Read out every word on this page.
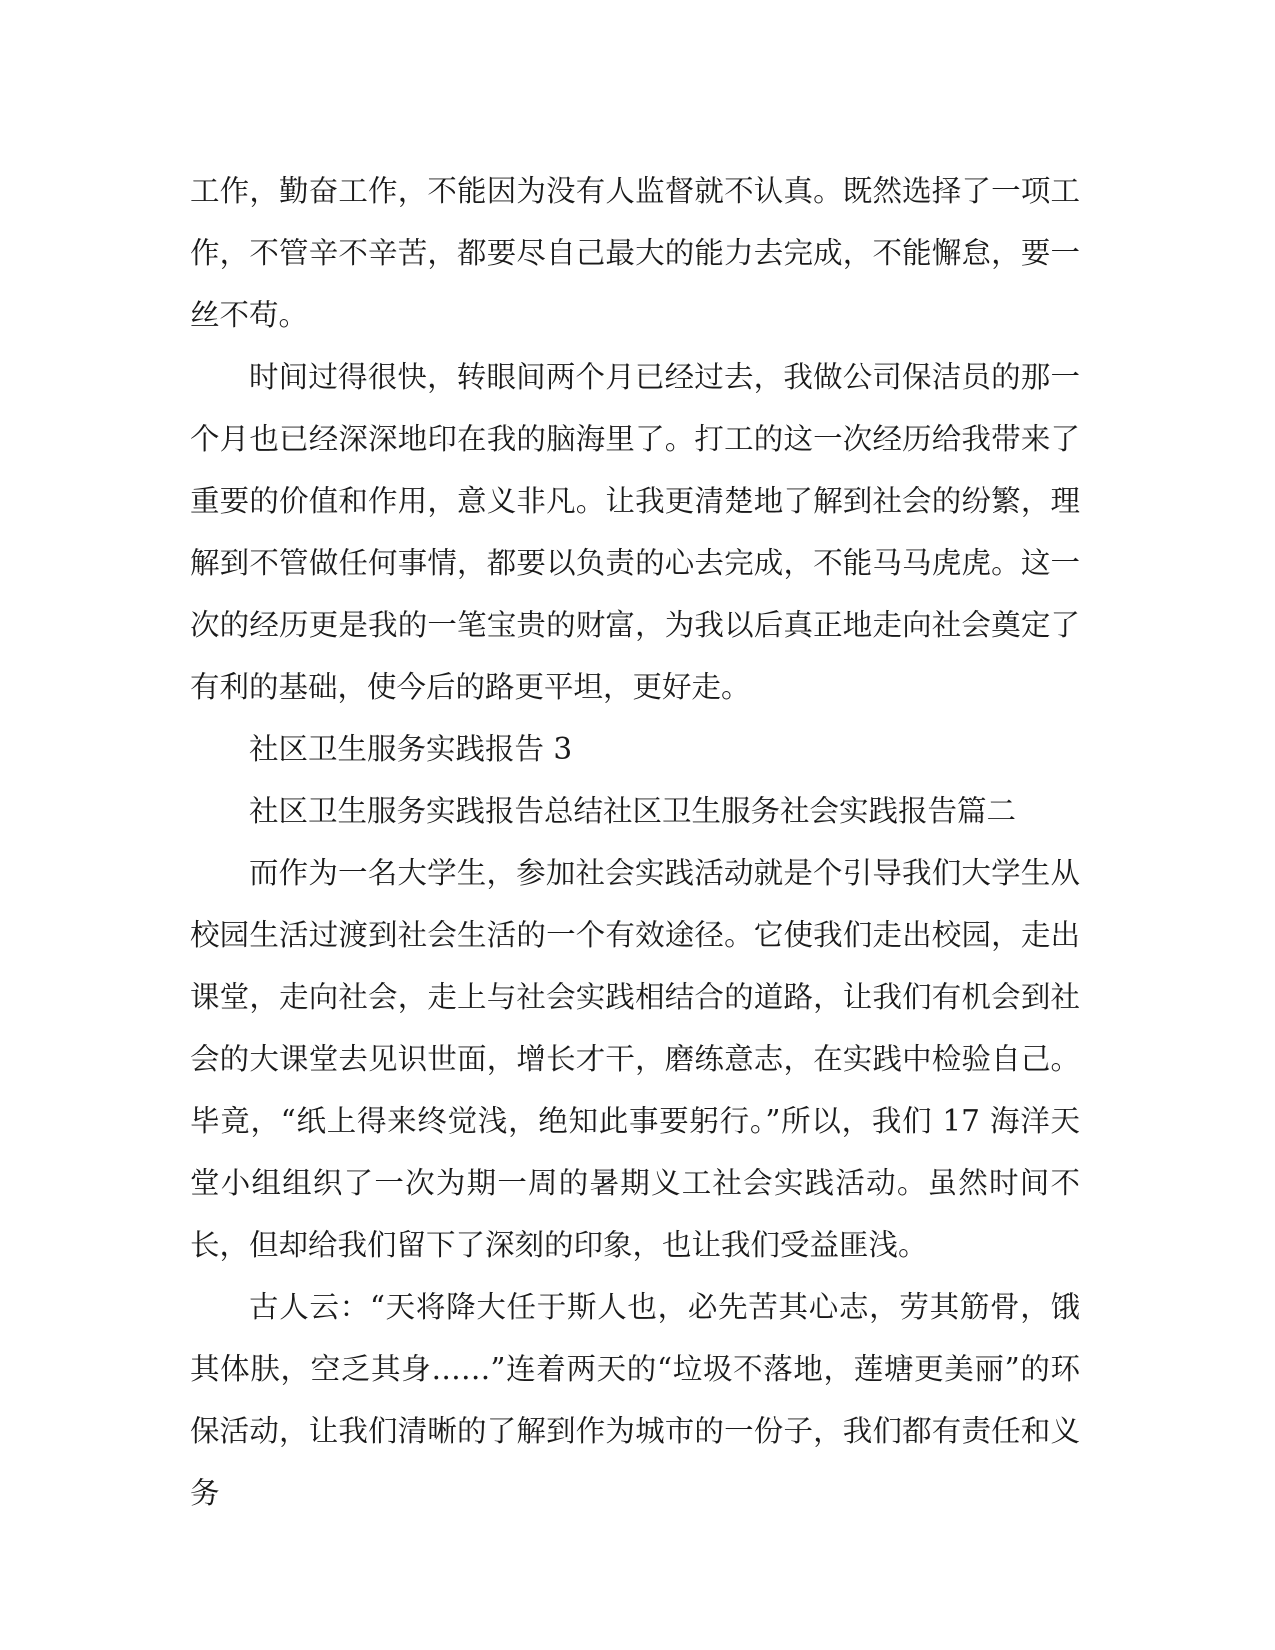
工作，勤奋工作，不能因为没有人监督就不认真。既然选择了一项工作，不管辛不辛苦，都要尽自己最大的能力去完成，不能懈怠，要一丝不苟。

时间过得很快，转眼间两个月已经过去，我做公司保洁员的那一个月也已经深深地印在我的脑海里了。打工的这一次经历给我带来了重要的价值和作用，意义非凡。让我更清楚地了解到社会的纷繁，理解到不管做任何事情，都要以负责的心去完成，不能马马虎虎。这一次的经历更是我的一笔宝贵的财富，为我以后真正地走向社会奠定了有利的基础，使今后的路更平坦，更好走。

社区卫生服务实践报告 3

社区卫生服务实践报告总结社区卫生服务社会实践报告篇二

而作为一名大学生，参加社会实践活动就是个引导我们大学生从校园生活过渡到社会生活的一个有效途径。它使我们走出校园，走出课堂，走向社会，走上与社会实践相结合的道路，让我们有机会到社会的大课堂去见识世面，增长才干，磨练意志，在实践中检验自己。毕竟，“纸上得来终觉浅，绝知此事要躬行。”所以，我们 17 海洋天堂小组组织了一次为期一周的暑期义工社会实践活动。虽然时间不长，但却给我们留下了深刻的印象，也让我们受益匪浅。

古人云：“天将降大任于斯人也，必先苦其心志，劳其筋骨，饿其体肤，空乏其身……”连着两天的“垃圾不落地，莲塘更美丽”的环保活动，让我们清晰的了解到作为城市的一份子，我们都有责任和义务
